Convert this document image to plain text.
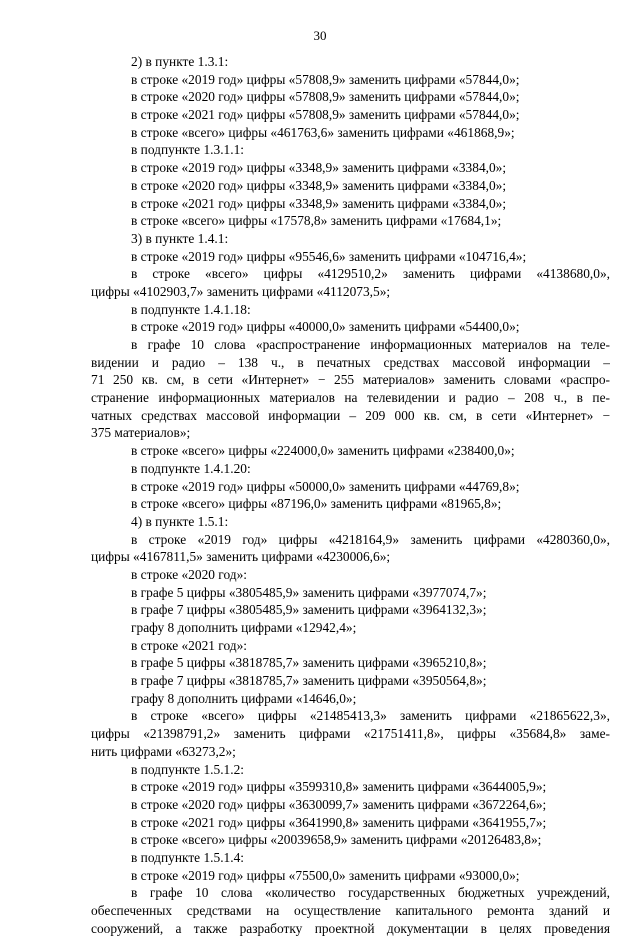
30
2) в пункте 1.3.1:
в строке «2019 год» цифры «57808,9» заменить цифрами «57844,0»;
в строке «2020 год» цифры «57808,9» заменить цифрами «57844,0»;
в строке «2021 год» цифры «57808,9» заменить цифрами «57844,0»;
в строке «всего» цифры «461763,6» заменить цифрами «461868,9»;
в подпункте 1.3.1.1:
в строке «2019 год» цифры «3348,9» заменить цифрами «3384,0»;
в строке «2020 год» цифры «3348,9» заменить цифрами «3384,0»;
в строке «2021 год» цифры «3348,9» заменить цифрами «3384,0»;
в строке «всего» цифры «17578,8» заменить цифрами «17684,1»;
3) в пункте 1.4.1:
в строке «2019 год» цифры «95546,6» заменить цифрами «104716,4»;
в строке «всего» цифры «4129510,2» заменить цифрами «4138680,0»,
цифры «4102903,7» заменить цифрами «4112073,5»;
в подпункте 1.4.1.18:
в строке «2019 год» цифры «40000,0» заменить цифрами «54400,0»;
в графе 10 слова «распространение информационных материалов на теле-
видении и радио – 138 ч., в печатных средствах массовой информации –
71 250 кв. см, в сети «Интернет» − 255 материалов» заменить словами «распро-
странение информационных материалов на телевидении и радио – 208 ч., в пе-
чатных средствах массовой информации – 209 000 кв. см, в сети «Интернет» −
375 материалов»;
в строке «всего» цифры «224000,0» заменить цифрами «238400,0»;
в подпункте 1.4.1.20:
в строке «2019 год» цифры «50000,0» заменить цифрами «44769,8»;
в строке «всего» цифры «87196,0» заменить цифрами «81965,8»;
4) в пункте 1.5.1:
в строке «2019 год» цифры «4218164,9» заменить цифрами «4280360,0»,
цифры «4167811,5» заменить цифрами «4230006,6»;
в строке «2020 год»:
в графе 5 цифры «3805485,9» заменить цифрами «3977074,7»;
в графе 7 цифры «3805485,9» заменить цифрами «3964132,3»;
графу 8 дополнить цифрами «12942,4»;
в строке «2021 год»:
в графе 5 цифры «3818785,7» заменить цифрами «3965210,8»;
в графе 7 цифры «3818785,7» заменить цифрами «3950564,8»;
графу 8 дополнить цифрами «14646,0»;
в строке «всего» цифры «21485413,3» заменить цифрами «21865622,3»,
цифры «21398791,2» заменить цифрами «21751411,8», цифры «35684,8» заме-
нить цифрами «63273,2»;
в подпункте 1.5.1.2:
в строке «2019 год» цифры «3599310,8» заменить цифрами «3644005,9»;
в строке «2020 год» цифры «3630099,7» заменить цифрами «3672264,6»;
в строке «2021 год» цифры «3641990,8» заменить цифрами «3641955,7»;
в строке «всего» цифры «20039658,9» заменить цифрами «20126483,8»;
в подпункте 1.5.1.4:
в строке «2019 год» цифры «75500,0» заменить цифрами «93000,0»;
в графе 10 слова «количество государственных бюджетных учреждений,
обеспеченных средствами на осуществление капитального ремонта зданий и
сооружений, а также разработку проектной документации в целях проведения
